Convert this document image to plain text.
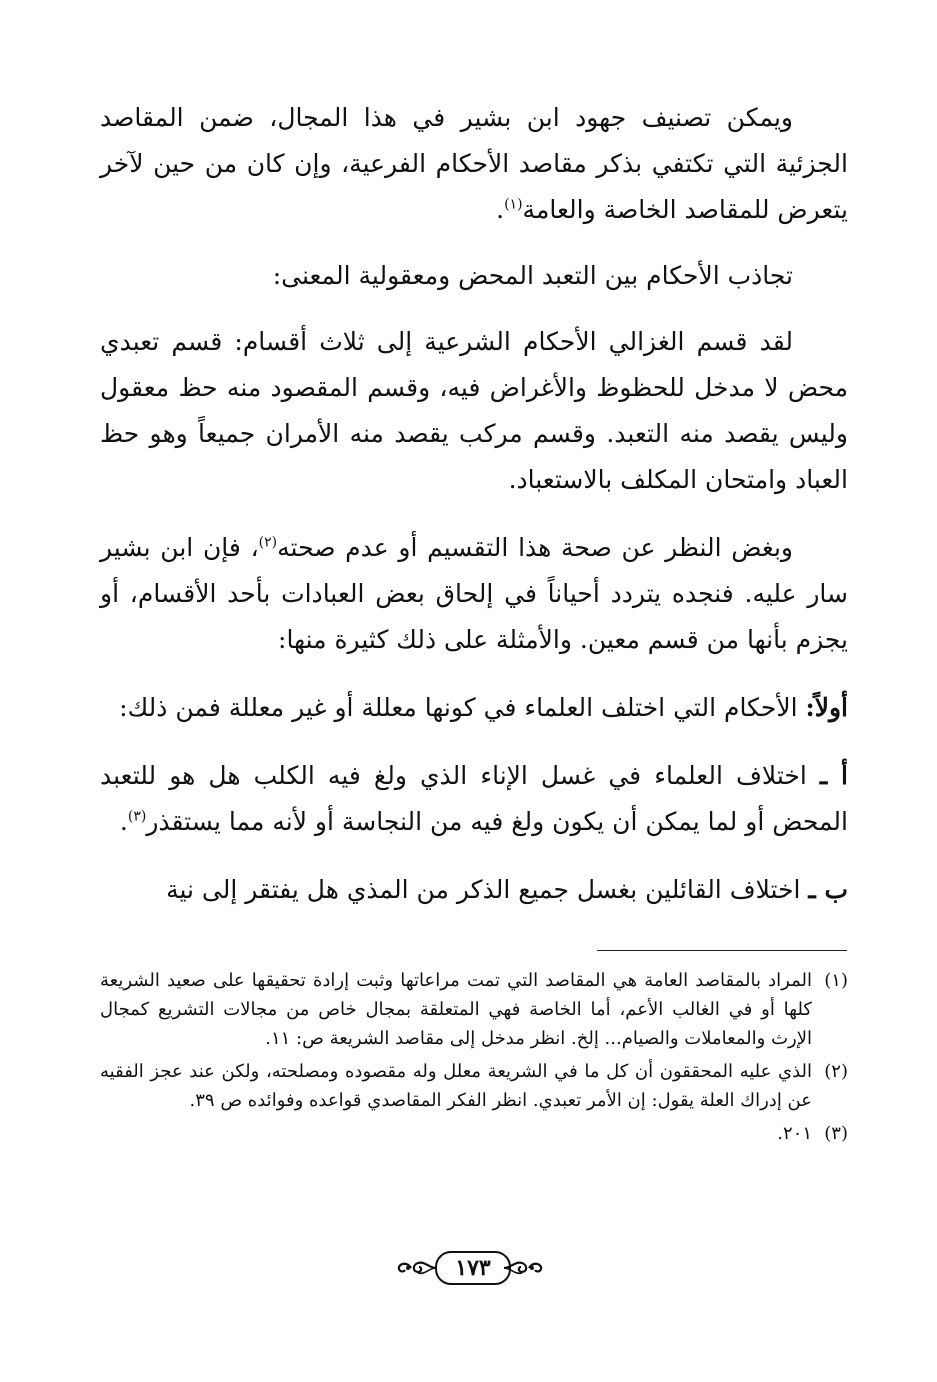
ويمكن تصنيف جهود ابن بشير في هذا المجال، ضمن المقاصد الجزئية التي تكتفي بذكر مقاصد الأحكام الفرعية، وإن كان من حين لآخر يتعرض للمقاصد الخاصة والعامة$^{(١)}$.

تجاذب الأحكام بين التعبد المحض ومعقولية المعنى:

لقد قسم الغزالي الأحكام الشرعية إلى ثلاث أقسام: قسم تعبدي محض لا مدخل للحظوظ والأغراض فيه، وقسم المقصود منه حظ معقول وليس يقصد منه التعبد. وقسم مركب يقصد منه الأمران جميعاً وهو حظ العباد وامتحان المكلف بالاستعباد.

وبغض النظر عن صحة هذا التقسيم أو عدم صحته$^{(٢)}$، فإن ابن بشير سار عليه. فنجده يتردد أحياناً في إلحاق بعض العبادات بأحد الأقسام، أو يجزم بأنها من قسم معين. والأمثلة على ذلك كثيرة منها:

أولاً: الأحكام التي اختلف العلماء في كونها معللة أو غير معللة فمن ذلك:

أ ـ اختلاف العلماء في غسل الإناء الذي ولغ فيه الكلب هل هو للتعبد المحض أو لما يمكن أن يكون ولغ فيه من النجاسة أو لأنه مما يستقذر$^{(٣)}$.

ب ـ اختلاف القائلين بغسل جميع الذكر من المذي هل يفتقر إلى نية

(١)
المراد بالمقاصد العامة هي المقاصد التي تمت مراعاتها وثبت إرادة تحقيقها على صعيد الشريعة كلها أو في الغالب الأعم، أما الخاصة فهي المتعلقة بمجال خاص من مجالات التشريع كمجال الإرث والمعاملات والصيام... إلخ. انظر مدخل إلى مقاصد الشريعة ص: ١١.
(٢)
الذي عليه المحققون أن كل ما في الشريعة معلل وله مقصوده ومصلحته، ولكن عند عجز الفقيه عن إدراك العلة يقول: إن الأمر تعبدي. انظر الفكر المقاصدي قواعده وفوائده ص ٣٩.
(٣)
٢٠١.
١٧٣
